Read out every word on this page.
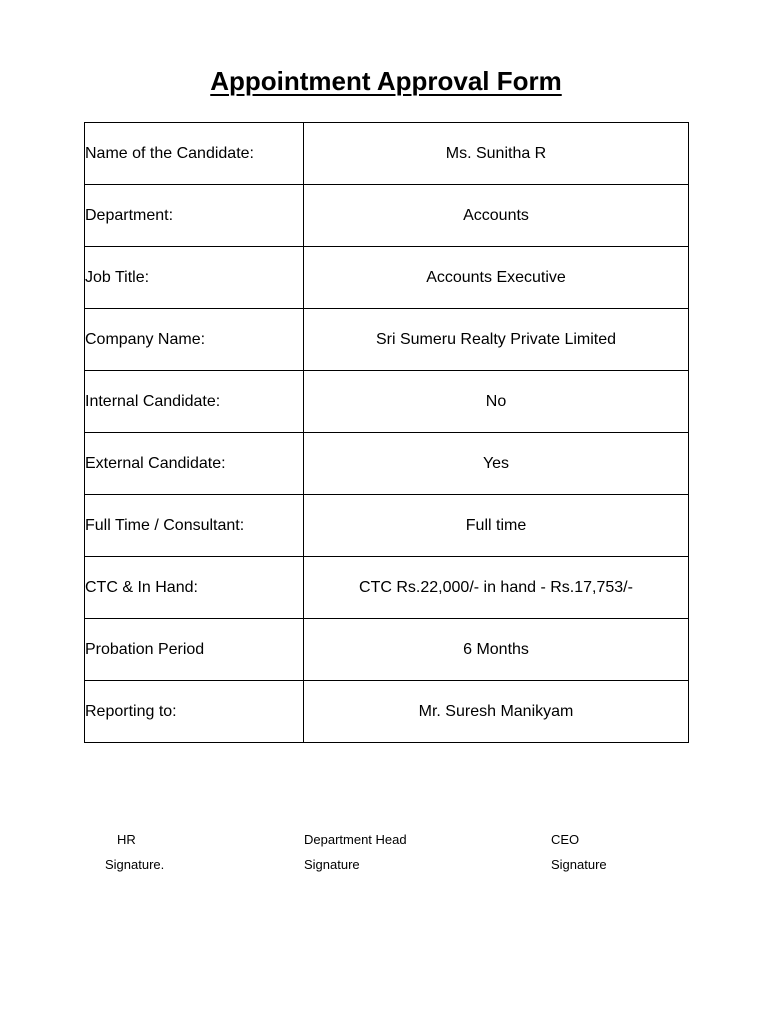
Appointment Approval Form
Name of the Candidate:	Ms. Sunitha R
Department:	Accounts
Job Title:	Accounts Executive
Company Name:	Sri Sumeru Realty Private Limited
Internal Candidate:	No
External Candidate:	Yes
Full Time / Consultant:	Full time
CTC & In Hand:	CTC Rs.22,000/- in hand - Rs.17,753/-
Probation Period	6 Months
Reporting to:	Mr. Suresh Manikyam
HR
Signature.
Department Head
Signature
CEO
Signature
